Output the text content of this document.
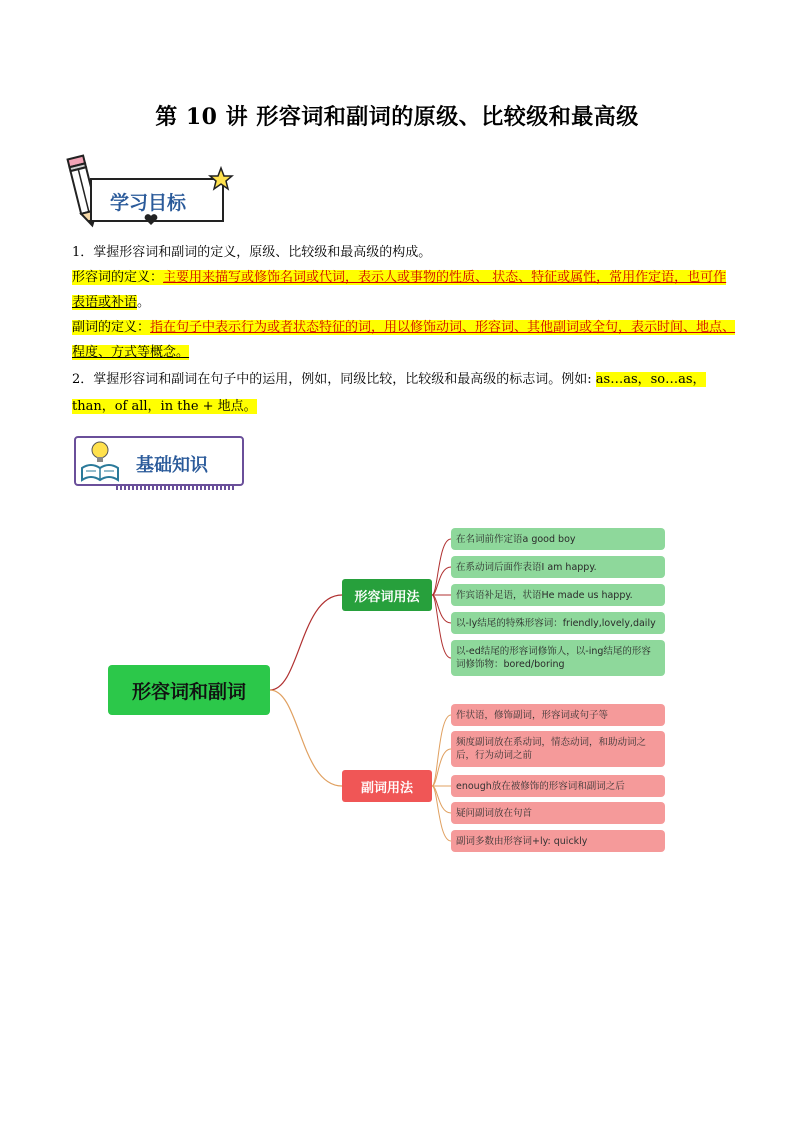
第 10 讲 形容词和副词的原级、比较级和最高级
学习目标
1．掌握形容词和副词的定义，原级、比较级和最高级的构成。
形容词的定义：主要用来描写或修饰名词或代词，表示人或事物的性质、 状态、特征或属性，常用作定语，也可作
表语或补语。
副词的定义：指在句子中表示行为或者状态特征的词，用以修饰动词、形容词、其他副词或全句，表示时间、地点、
程度、方式等概念。
2．掌握形容词和副词在句子中的运用，例如，同级比较，比较级和最高级的标志词。例如: as…as，so…as，
than，of all，in the + 地点。
基础知识
形容词和副词
形容词用法
副词用法
在名词前作定语a good boy
在系动词后面作表语I am happy.
作宾语补足语，状语He made us happy.
以-ly结尾的特殊形容词：friendly,lovely,daily
以-ed结尾的形容词修饰人，以-ing结尾的形容词修饰物：bored/boring
作状语，修饰副词，形容词或句子等
频度副词放在系动词，情态动词，和助动词之后，行为动词之前
enough放在被修饰的形容词和副词之后
疑问副词放在句首
副词多数由形容词+ly: quickly
